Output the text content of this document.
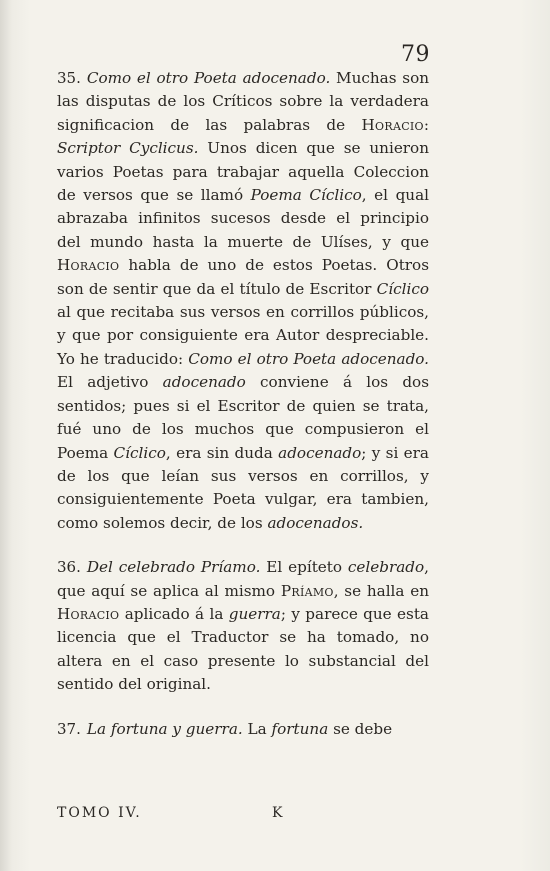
79

35. Como el otro Poeta adocenado. Muchas son las disputas de los Críticos sobre la verdadera significacion de las palabras de Horacio: Scriptor Cyclicus. Unos dicen que se unieron varios Poetas para trabajar aquella Coleccion de versos que se llamó Poema Cíclico, el qual abrazaba infinitos sucesos desde el principio del mundo hasta la muerte de Ulíses, y que Horacio habla de uno de estos Poetas. Otros son de sentir que da el título de Escritor Cíclico al que recitaba sus versos en corrillos públicos, y que por consiguiente era Autor despreciable. Yo he traducido: Como el otro Poeta adocenado. El adjetivo adocenado conviene á los dos sentidos; pues si el Escritor de quien se trata, fué uno de los muchos que compusieron el Poema Cíclico, era sin duda adocenado; y si era de los que leían sus versos en corrillos, y consiguientemente Poeta vulgar, era tambien, como solemos decir, de los adocenados.

36. Del celebrado Príamo. El epíteto celebrado, que aquí se aplica al mismo Príamo, se halla en Horacio aplicado á la guerra; y parece que esta licencia que el Traductor se ha tomado, no altera en el caso presente lo substancial del sentido del original.

37. La fortuna y guerra. La fortuna se debe

TOMO IV.	K
